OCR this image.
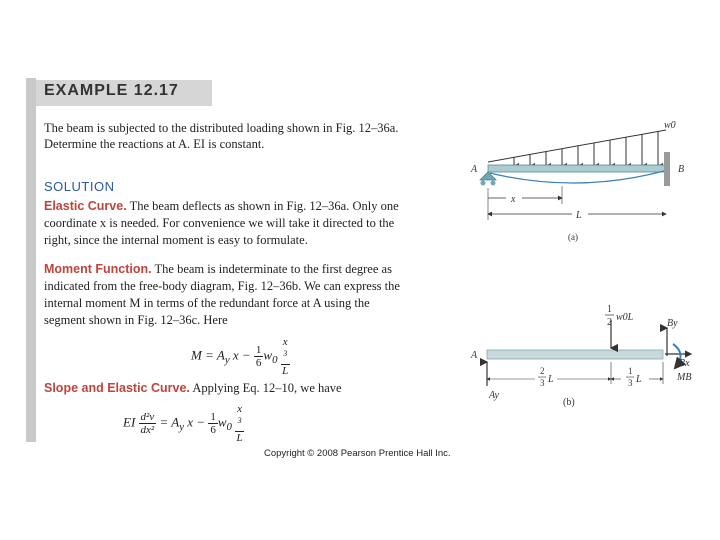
EXAMPLE 12.17
The beam is subjected to the distributed loading shown in Fig. 12–36a.
Determine the reactions at A. EI is constant.
SOLUTION
Elastic Curve. The beam deflects as shown in Fig. 12–36a. Only one
coordinate x is needed. For convenience we will take it directed to the
right, since the internal moment is easy to formulate.
Moment Function. The beam is indeterminate to the first degree as
indicated from the free-body diagram, Fig. 12–36b. We can express the
internal moment M in terms of the redundant force at A using the
segment shown in Fig. 12–36c. Here
$M = A_y$ $x - \frac{1}{6} w_0$ x
$^3$
L
Slope and Elastic Curve. Applying Eq. 12–10, we have
EI $\frac{\text{d²v}}{\text{dx²}} = A_y$ $x - \frac{1}{6} w_0$ x
$^3$
L
w0
A	B
x
L
(a)
1
2 w0L
A
Ay
By
Bx
MB
2
3 L
1
3 L
(b)
Copyright © 2008 Pearson Prentice Hall Inc.
